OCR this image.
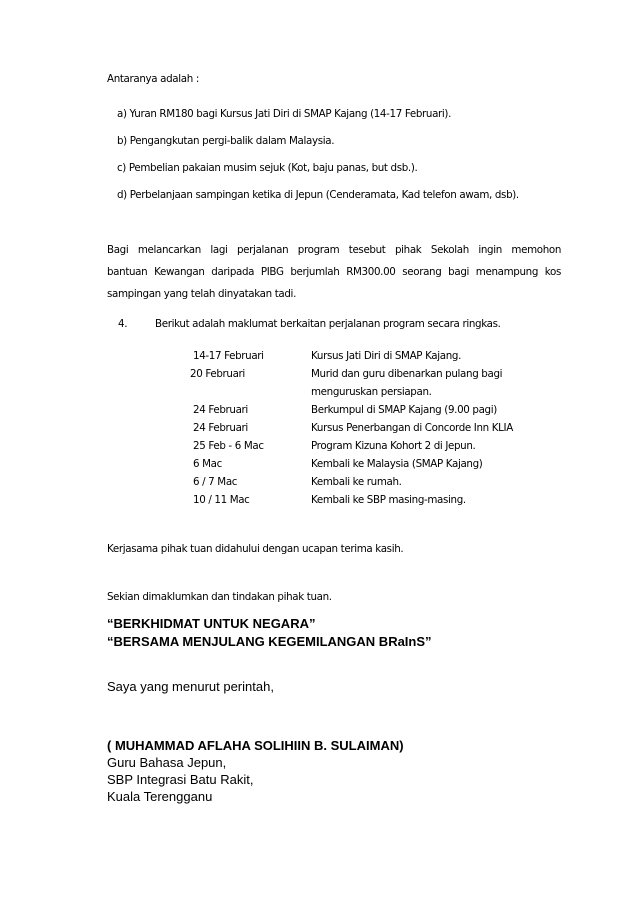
Antaranya adalah :

a) Yuran RM180 bagi Kursus Jati Diri di SMAP Kajang (14-17 Februari).

b) Pengangkutan pergi-balik dalam Malaysia.

c) Pembelian pakaian musim sejuk (Kot, baju panas, but dsb.).

d) Perbelanjaan sampingan ketika di Jepun (Cenderamata, Kad telefon awam, dsb).

Bagi melancarkan lagi perjalanan program tesebut pihak Sekolah ingin memohon
bantuan Kewangan daripada PIBG berjumlah RM300.00 seorang bagi menampung kos
sampingan yang telah dinyatakan tadi.

4.	Berikut adalah maklumat berkaitan perjalanan program secara ringkas.

14-17 Februari	Kursus Jati Diri di SMAP Kajang.
20 Februari	Murid dan guru dibenarkan pulang bagi
menguruskan persiapan.
24 Februari	Berkumpul di SMAP Kajang (9.00 pagi)
24 Februari	Kursus Penerbangan di Concorde Inn KLIA
25 Feb - 6 Mac	Program Kizuna Kohort 2 di Jepun.
6 Mac	Kembali ke Malaysia (SMAP Kajang)
6 / 7 Mac	Kembali ke rumah.
10 / 11 Mac	Kembali ke SBP masing-masing.

Kerjasama pihak tuan didahului dengan ucapan terima kasih.

Sekian dimaklumkan dan tindakan pihak tuan.

“BERKHIDMAT UNTUK NEGARA”

“BERSAMA MENJULANG KEGEMILANGAN BRaInS”

Saya yang menurut perintah,

( MUHAMMAD AFLAHA SOLIHIIN B. SULAIMAN)

Guru Bahasa Jepun,

SBP Integrasi Batu Rakit,

Kuala Terengganu
